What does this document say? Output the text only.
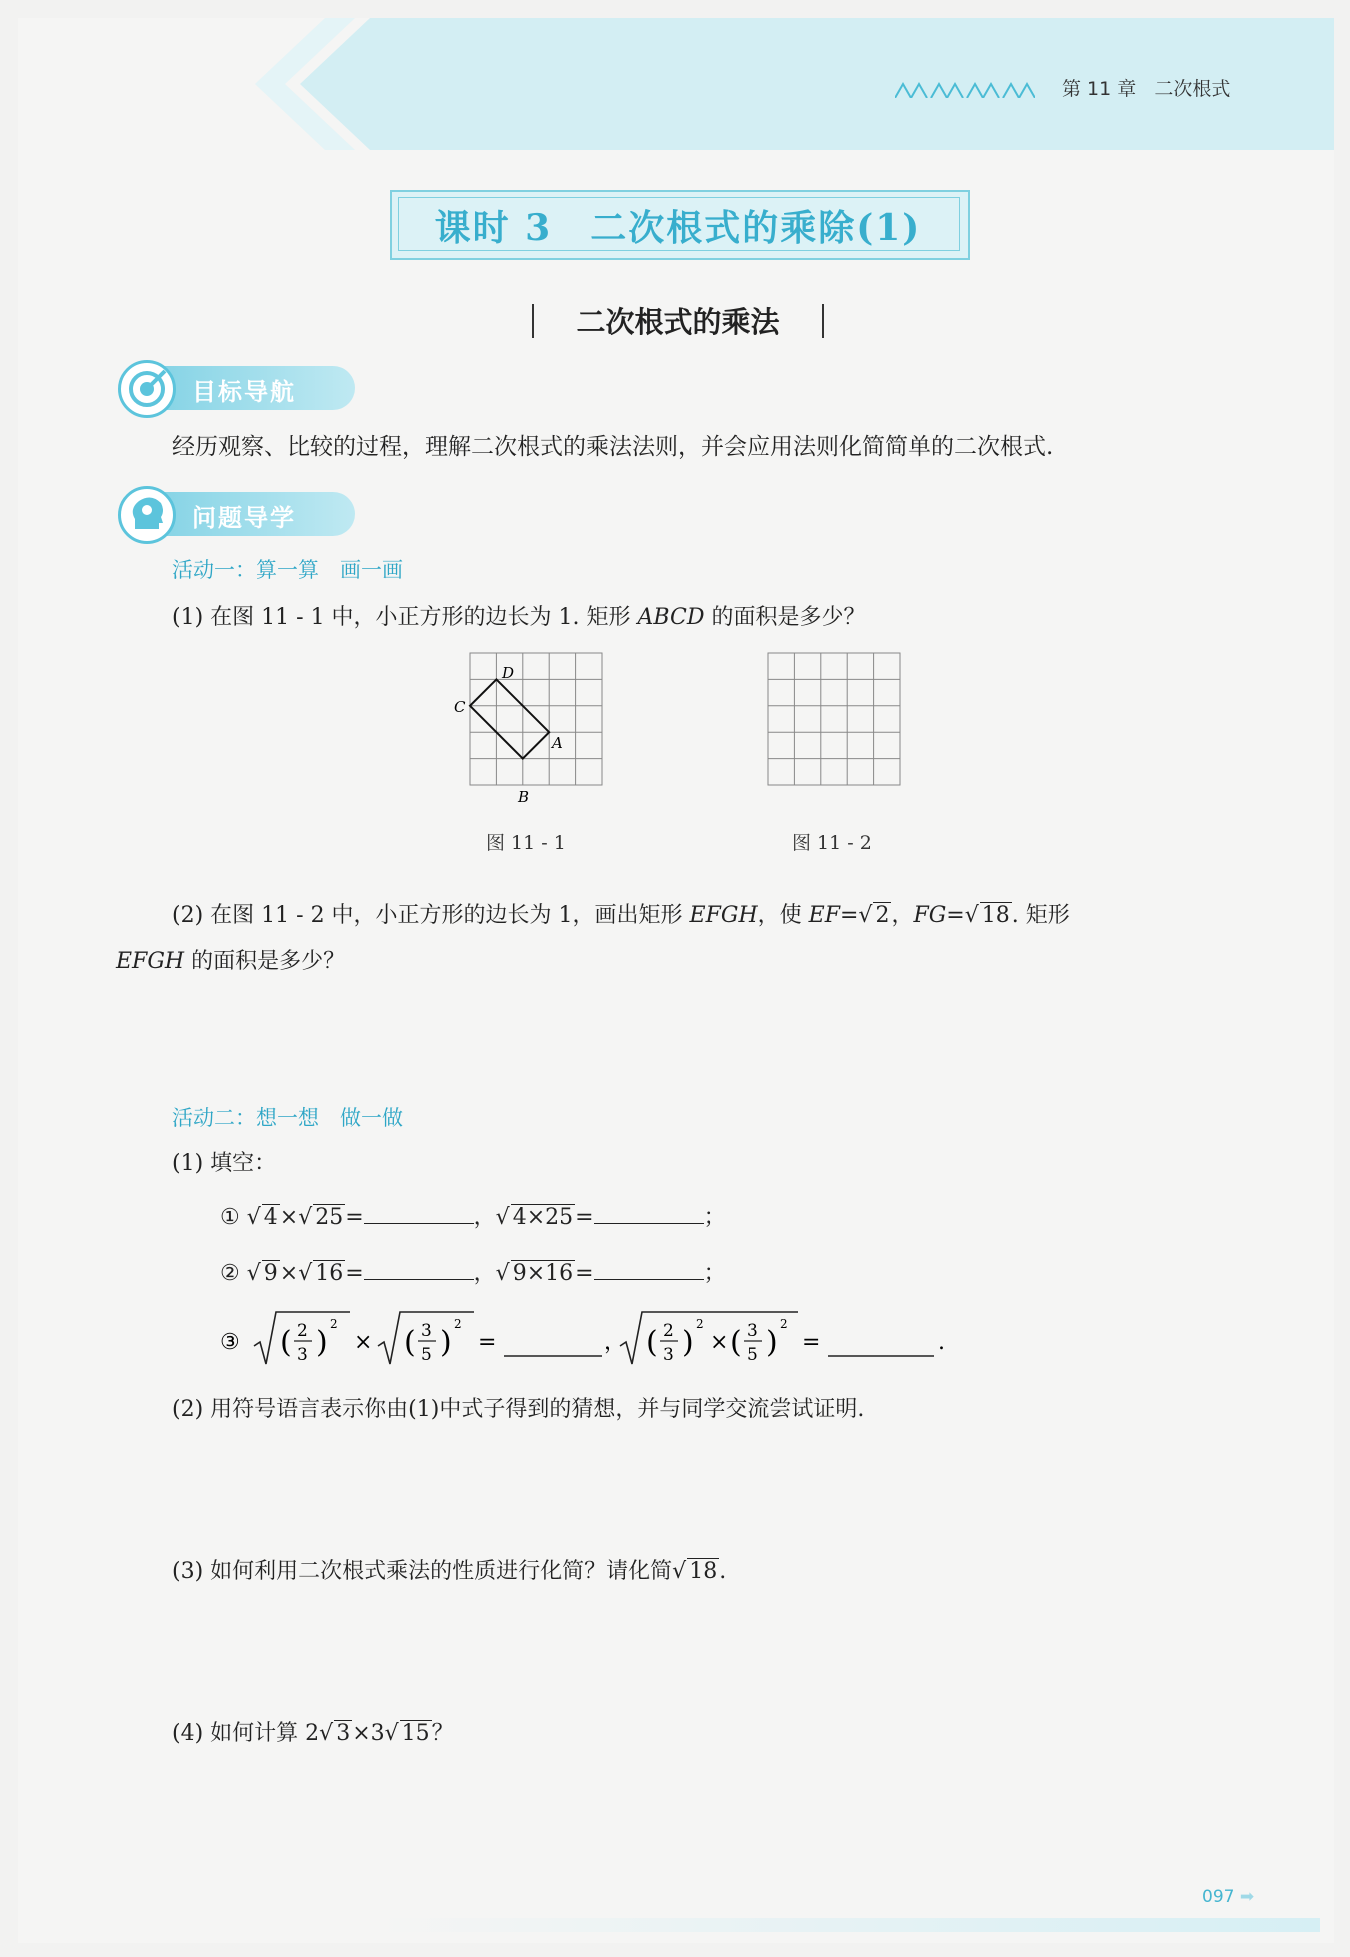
第 11 章 二次根式
课时 3　二次根式的乘除(1)
二次根式的乘法
目标导航
经历观察、比较的过程，理解二次根式的乘法法则，并会应用法则化简简单的二次根式.
问题导学
活动一：算一算　画一画
(1) 在图 11 - 1 中，小正方形的边长为 1. 矩形 ABCD 的面积是多少？
D
C
A
B
图 11 - 1	图 11 - 2
(2) 在图 11 - 2 中，小正方形的边长为 1，画出矩形 EFGH，使 EF=√ 2，FG=√ 18. 矩形
EFGH 的面积是多少？
活动二：想一想　做一做
(1) 填空：
① √ 4×√ 25=	，√ 4×25=	；
② √ 9×√ 16=	，√ 9×16=	；
③ ( 2
3 )
2
× ( 3
5 )
2
=	， ( 2
3 )
2
× ( 3
5 )
2
=	.
(2) 用符号语言表示你由(1)中式子得到的猜想，并与同学交流尝试证明.
(3) 如何利用二次根式乘法的性质进行化简？请化简√ 18.
(4) 如何计算 2√ 3×3√ 15？
097 ➡
